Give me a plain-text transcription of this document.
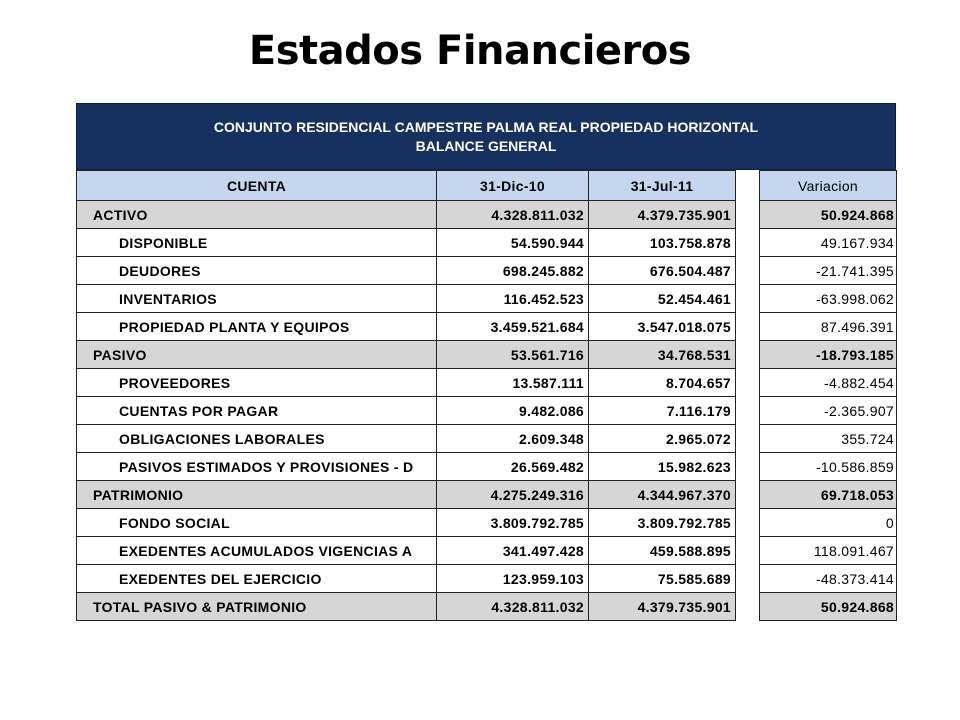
Estados Financieros
CONJUNTO RESIDENCIAL CAMPESTRE PALMA REAL PROPIEDAD HORIZONTAL
BALANCE GENERAL
CUENTA	31-Dic-10	31-Jul-11		Variacion
ACTIVO	4.328.811.032	4.379.735.901		50.924.868
DISPONIBLE	54.590.944	103.758.878		49.167.934
DEUDORES	698.245.882	676.504.487		-21.741.395
INVENTARIOS	116.452.523	52.454.461		-63.998.062
PROPIEDAD PLANTA Y EQUIPOS	3.459.521.684	3.547.018.075		87.496.391
PASIVO	53.561.716	34.768.531		-18.793.185
PROVEEDORES	13.587.111	8.704.657		-4.882.454
CUENTAS POR PAGAR	9.482.086	7.116.179		-2.365.907
OBLIGACIONES LABORALES	2.609.348	2.965.072		355.724
PASIVOS ESTIMADOS Y PROVISIONES - D	26.569.482	15.982.623		-10.586.859
PATRIMONIO	4.275.249.316	4.344.967.370		69.718.053
FONDO SOCIAL	3.809.792.785	3.809.792.785		0
EXEDENTES ACUMULADOS VIGENCIAS A	341.497.428	459.588.895		118.091.467
EXEDENTES DEL EJERCICIO	123.959.103	75.585.689		-48.373.414
TOTAL PASIVO & PATRIMONIO	4.328.811.032	4.379.735.901		50.924.868
